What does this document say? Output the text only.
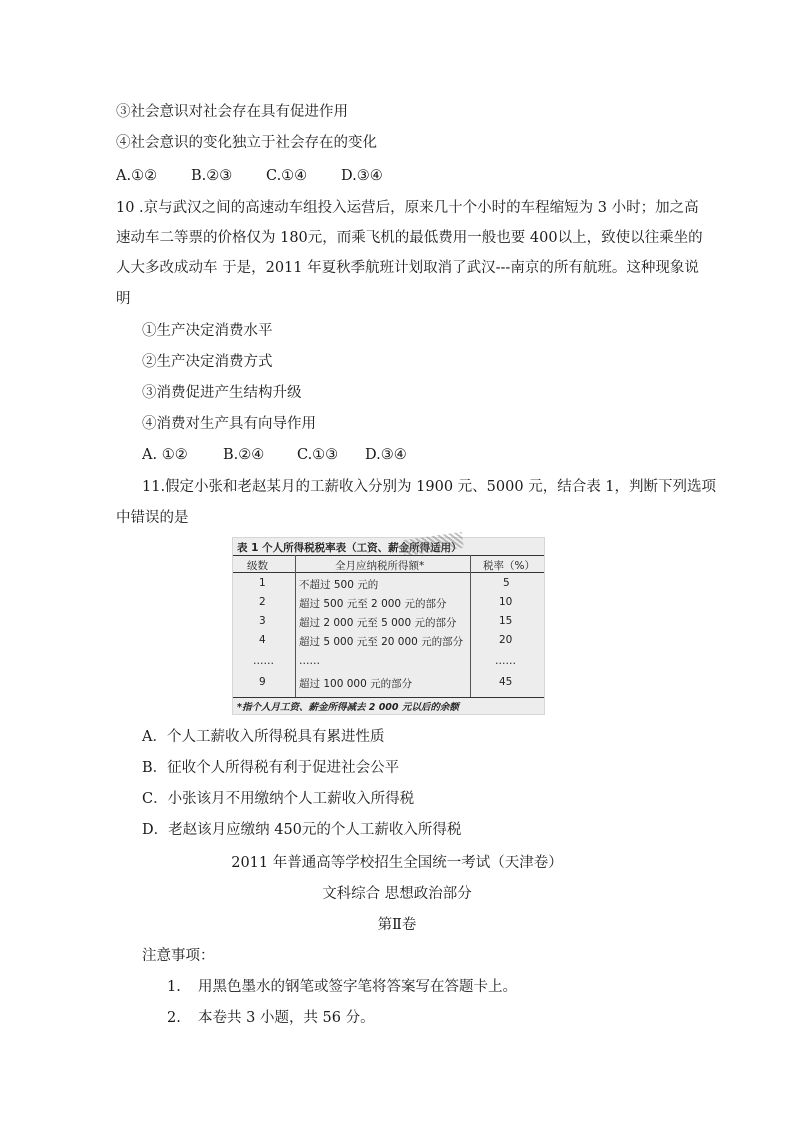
③社会意识对社会存在具有促进作用
④社会意识的变化独立于社会存在的变化
A.①② B.②③ C.①④ D.③④
10 .京与武汉之间的高速动车组投入运营后，原来几十个小时的车程缩短为 3 小时；加之高
速动车二等票的价格仅为 180元，而乘飞机的最低费用一般也要 400以上，致使以往乘坐的
人大多改成动车 于是，2011 年夏秋季航班计划取消了武汉---南京的所有航班。这种现象说
明
①生产决定消费水平
②生产决定消费方式
③消费促进产生结构升级
④消费对生产具有向导作用
A. ①② B.②④ C.①③ D.③④
11.假定小张和老赵某月的工薪收入分别为 1900 元、5000 元，结合表 1，判断下列选项
中错误的是
表 1 个人所得税税率表（工资、薪金所得适用）
级数	全月应纳税所得额*	税率（%）
1	不超过 500 元的	5
2	超过 500 元至 2 000 元的部分	10
3	超过 2 000 元至 5 000 元的部分	15
4	超过 5 000 元至 20 000 元的部分	20
…… ……	……
9	超过 100 000 元的部分	45
*指个人月工资、薪金所得减去 2 000 元以后的余额
A．个人工薪收入所得税具有累进性质
B．征收个人所得税有利于促进社会公平
C．小张该月不用缴纳个人工薪收入所得税
D．老赵该月应缴纳 450元的个人工薪收入所得税
2011 年普通高等学校招生全国统一考试（天津卷）
文科综合 思想政治部分
第Ⅱ卷
注意事项：
1. 用黑色墨水的钢笔或签字笔将答案写在答题卡上。
2. 本卷共 3 小题，共 56 分。
